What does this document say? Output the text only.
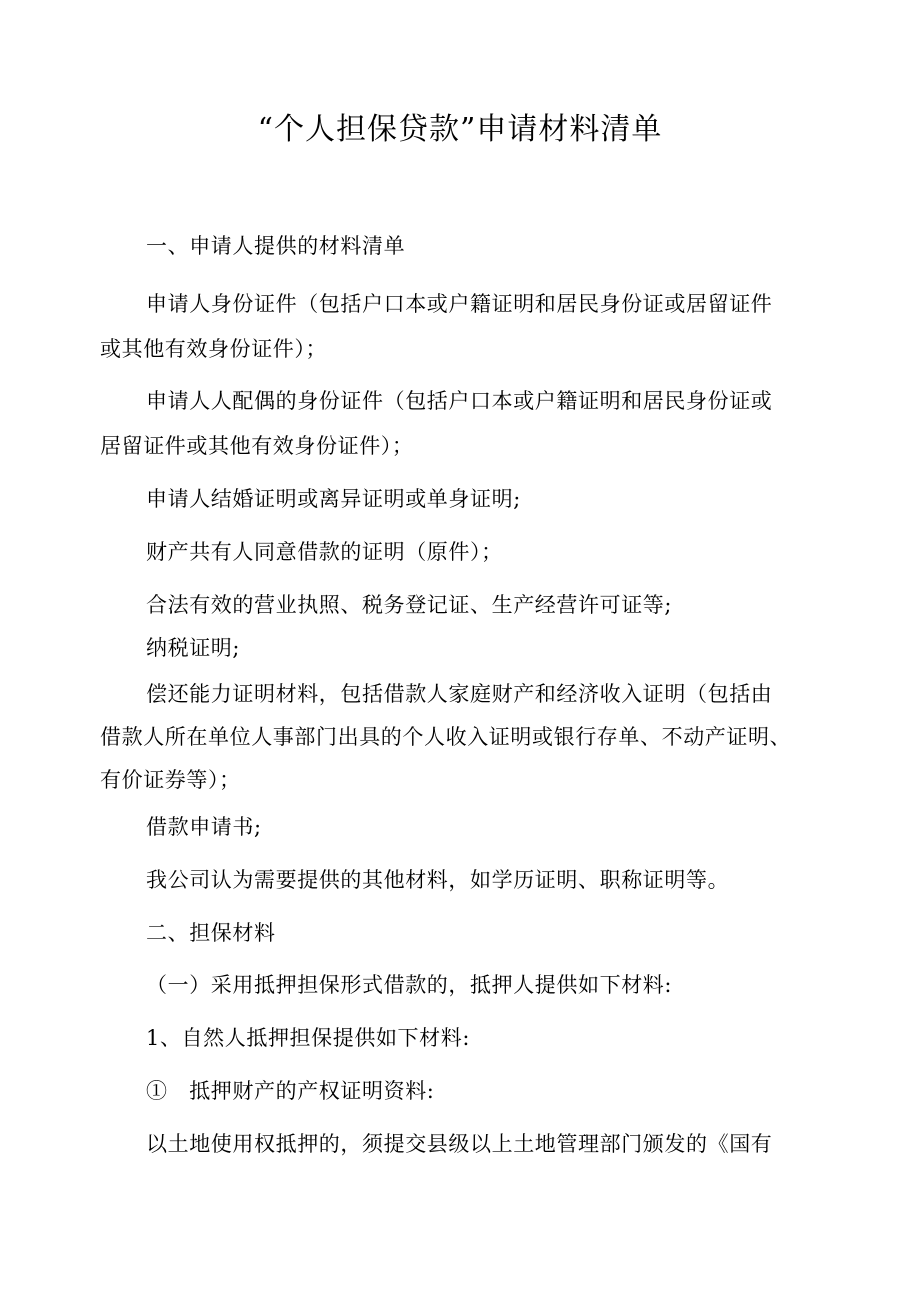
“个人担保贷款”申请材料清单
一、申请人提供的材料清单
申请人身份证件（包括户口本或户籍证明和居民身份证或居留证件
或其他有效身份证件）；
申请人人配偶的身份证件（包括户口本或户籍证明和居民身份证或
居留证件或其他有效身份证件）；
申请人结婚证明或离异证明或单身证明;
财产共有人同意借款的证明（原件）；
合法有效的营业执照、税务登记证、生产经营许可证等;
纳税证明;
偿还能力证明材料，包括借款人家庭财产和经济收入证明（包括由
借款人所在单位人事部门出具的个人收入证明或银行存单、不动产证明、
有价证券等）；
借款申请书;
我公司认为需要提供的其他材料，如学历证明、职称证明等。
二、担保材料
（一）采用抵押担保形式借款的，抵押人提供如下材料:
1、自然人抵押担保提供如下材料:
①　抵押财产的产权证明资料:
以土地使用权抵押的，须提交县级以上土地管理部门颁发的《国有
